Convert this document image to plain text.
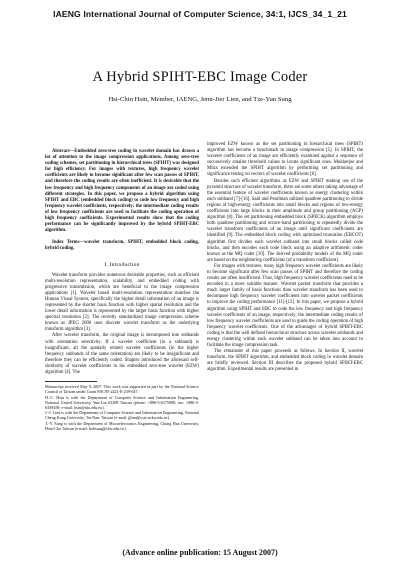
IAENG International Journal of Computer Science, 34:1, IJCS_34_1_21
A Hybrid SPIHT-EBC Image Coder
Hsi-Chin Hsin, Member, IAENG, Jenn-Jier Lien, and Tze-Yun Sung

Abstract—Embedded zero-tree coding in wavelet domain has drawn a lot of attention to the image compression applications. Among zero-tree coding schemes, set partitioning in hierarchical trees (SPIHT) was designed for high efficiency. For images with textures, high frequency wavelet coefficients are likely to become significant after few scan passes of SPIHT, and therefore the coding results are often inefficient. It is desirable that the low frequency and high frequency components of an image are coded using different strategies. In this paper, we propose a hybrid algorithm using SPIHT and EBC (embedded block coding) to code low frequency and high frequency wavelet coefficients, respectively; the intermediate coding results of low frequency coefficients are used to facilitate the coding operation of high frequency coefficients. Experimental results show that the coding performance can be significantly improved by the hybrid SPIHT-EBC algorithm.

Index Terms—wavelet transform, SPIHT, embedded block coding, hybrid coding.

I. Introduction

Wavelet transform provides numerous desirable properties, such as efficient multi-resolution representation, scalability, and embedded coding with progressive transmission, which are beneficial to the image compression applications [1]. Wavelet based multi-resolution representation matches the Human Visual System, specifically the higher detail information of an image is represented by the shorter basis function with higher spatial resolution and the lower detail information is represented by the larger basis function with higher spectral resolution [2]. The recently standardized image compression scheme known as JPEG 2000 uses discrete wavelet transform as the underlying transform algorithm [3].

After wavelet transform, the original image is decomposed into subbands with orientation selectivity. If a wavelet coefficient (in a subband) is insignificant, all the spatially related wavelet coefficients (in the higher frequency subbands of the same orientation) are likely to be insignificant and therefore they can be efficiently coded. Shapiro introduced the aforesaid self-similarity of wavelet coefficients in his embedded zero-tree wavelet (EZW) algorithm [4]. The

Manuscript received May 9, 2007. This work was supported in part by the National Science Council of Taiwan under Grant NSC95-2221-E-239-047.

H.-C. Hsin is with the Department of Computer Science and Information Engineering, National United University, Yun-Lin 63208 Taiwan (phone: +886-5-6375080; fax: +886-5-6359458; e-mail: hsin@nfu.edu.tw).

J.-J. Lien is with the Department of Computer Science and Information Engineering, National Cheng Kung University, Tai-Nan, Taiwan (e-mail: jjlien@csie.ncku.edu.tw).

T.-Y. Sung is with the Department of Microelectronics Engineering, Chung Hua University, Hsin-Chu Taiwan (e-mail: bobsung@chu.edu.tw).

improved EZW known as the set partitioning in hierarchical trees (SPIHT) algorithm has become a benchmark in image compression [5]. In SPIHT, the wavelet coefficients of an image are efficiently examined against a sequence of successively smaller threshold values to locate significant ones. Mukherjee and Mitra extended the SPIHT algorithm by performing set partitioning and significance testing on vectors of wavelet coefficients [6].

Besides such efficient algorithms as EZW and SPIHT making use of the pyramid structure of wavelet transform, there are some others taking advantage of the essential feature of wavelet coefficients known as energy clustering within each subband [7]-[16]. Said and Pearlman utilized quadtree partitioning to divide regions of high-energy coefficients into small blocks and regions of low-energy coefficients into large blocks in their amplitude and group partitioning (AGP) algorithm [8]. The set partitioning embedded block (SPECK) algorithm employs both quadtree partitioning and octave-band partitioning to repeatedly divide the wavelet transform coefficients of an image until significant coefficients are identified [9]. The embedded block coding with optimized truncation (EBCOT) algorithm first divides each wavelet subband into small blocks called code blocks, and then encodes each code block using an adaptive arithmetic coder known as the MQ coder [10]. The derived probability models of the MQ coder are based on the neighboring coefficients (of a transform coefficient).

For images with textures, many high frequency wavelet coefficients are likely to become significant after few scan passes of SPIHT and therefore the coding results are often insufficient. Thus, high frequency wavelet coefficients need to be encoded in a more suitable manner. Wavelet packet transform that provides a much larger family of basis functions than wavelet transform has been used to decompose high frequency wavelet coefficients into wavelet packet coefficients to improve the coding performance [11]-[12]. In this paper, we propose a hybrid algorithm using SPIHT and EBC to code the low frequency and high frequency wavelet coefficients of an image, respectively; the intermediate coding results of low frequency wavelet coefficients are used to guide the coding operation of high frequency wavelet coefficients. One of the advantages of hybrid SPIHT-EBC coding is that the well defined hierarchical structure across wavelet subbands and energy clustering within each wavelet subband can be taken into account to facilitate the image compression task.

The remainder of this paper proceeds as follows. In Section II, wavelet transform, the SPIHT algorithm, and embedded block coding in wavelet domain are briefly reviewed. Section III describes the proposed hybrid SPIHT-EBC algorithm. Experimental results are presented in

(Advance online publication: 15 August 2007)
